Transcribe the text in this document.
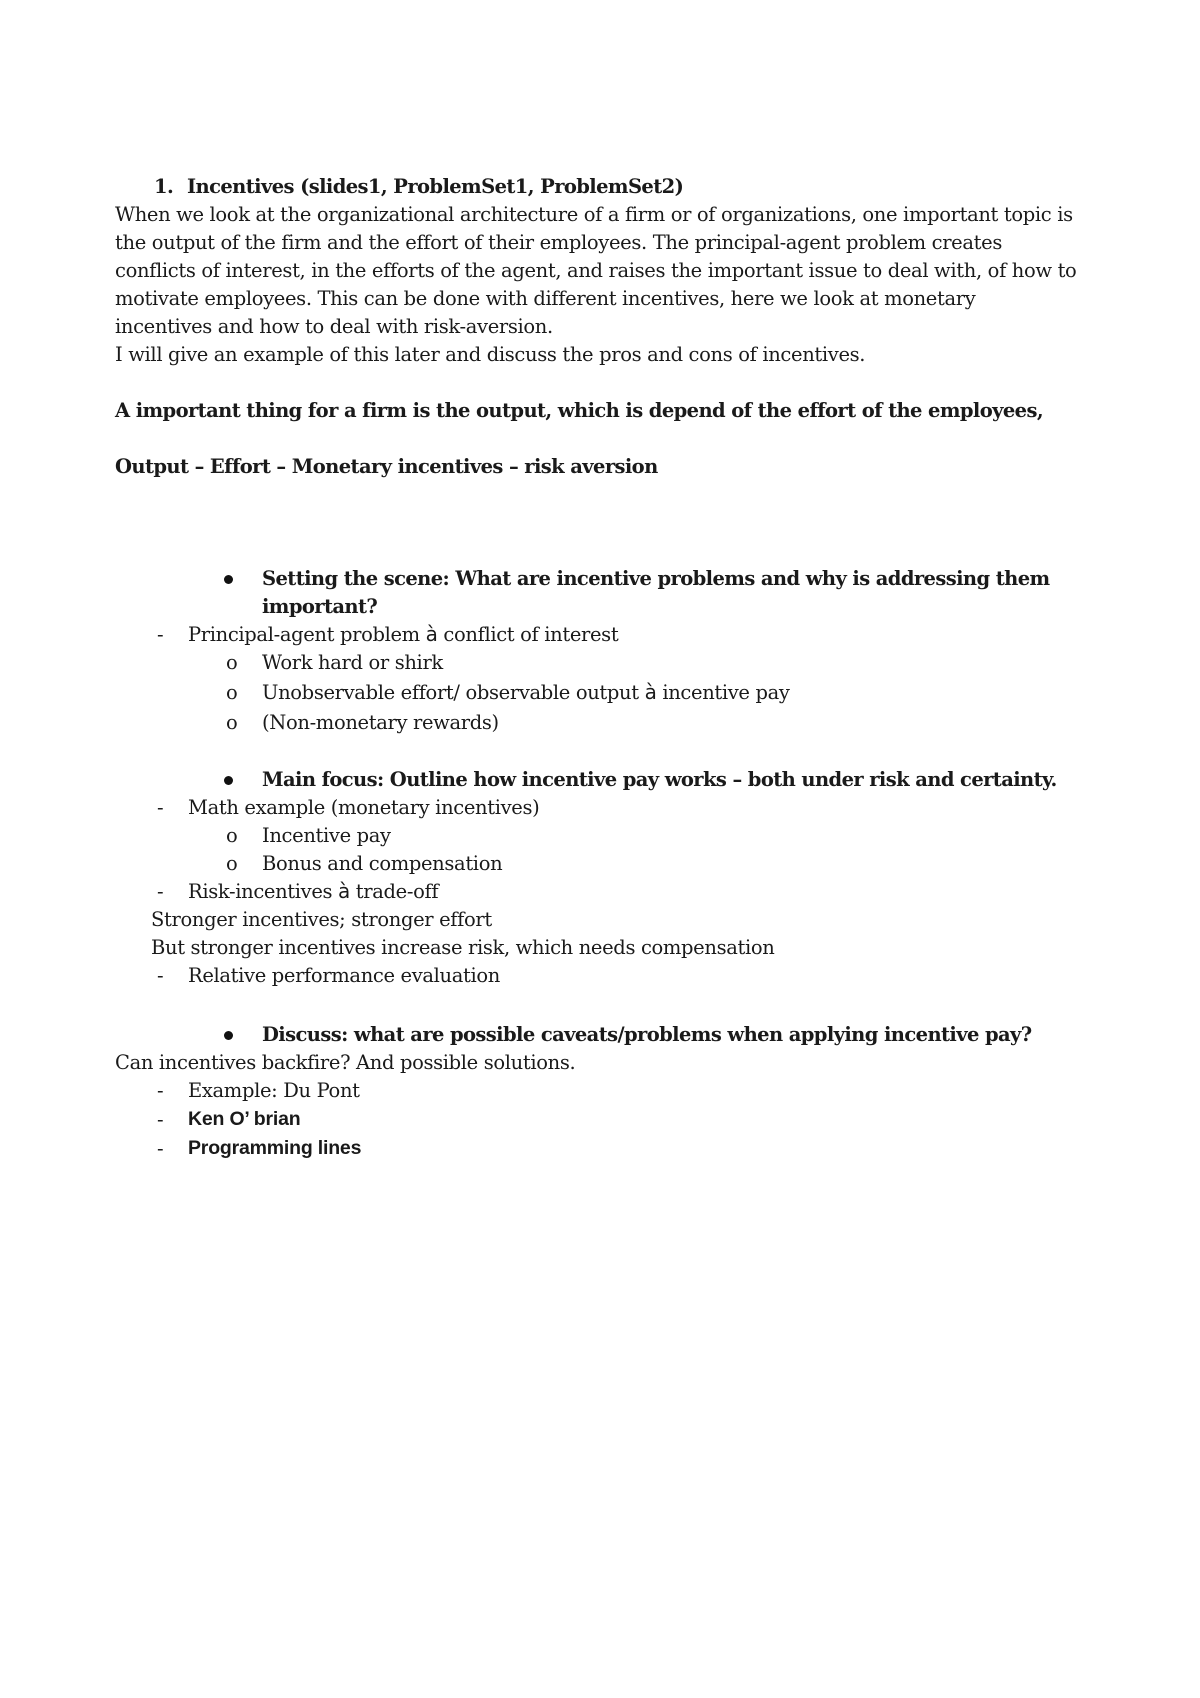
1. Incentives (slides1, ProblemSet1, ProblemSet2)
When we look at the organizational architecture of a firm or of organizations, one important topic is
the output of the firm and the effort of their employees. The principal-agent problem creates
conflicts of interest, in the efforts of the agent, and raises the important issue to deal with, of how to
motivate employees. This can be done with different incentives, here we look at monetary
incentives and how to deal with risk-aversion.
I will give an example of this later and discuss the pros and cons of incentives.
A important thing for a firm is the output, which is depend of the effort of the employees,
Output – Effort – Monetary incentives – risk aversion
Setting the scene: What are incentive problems and why is addressing them
important?
- Principal-agent problem à conflict of interest
o Work hard or shirk
o Unobservable effort/ observable output à incentive pay
o (Non-monetary rewards)
Main focus: Outline how incentive pay works – both under risk and certainty.
- Math example (monetary incentives)
o Incentive pay
o Bonus and compensation
- Risk-incentives à trade-off
Stronger incentives; stronger effort
But stronger incentives increase risk, which needs compensation
- Relative performance evaluation
Discuss: what are possible caveats/problems when applying incentive pay?
Can incentives backfire? And possible solutions.
- Example: Du Pont
- Ken O’ brian
- Programming lines
